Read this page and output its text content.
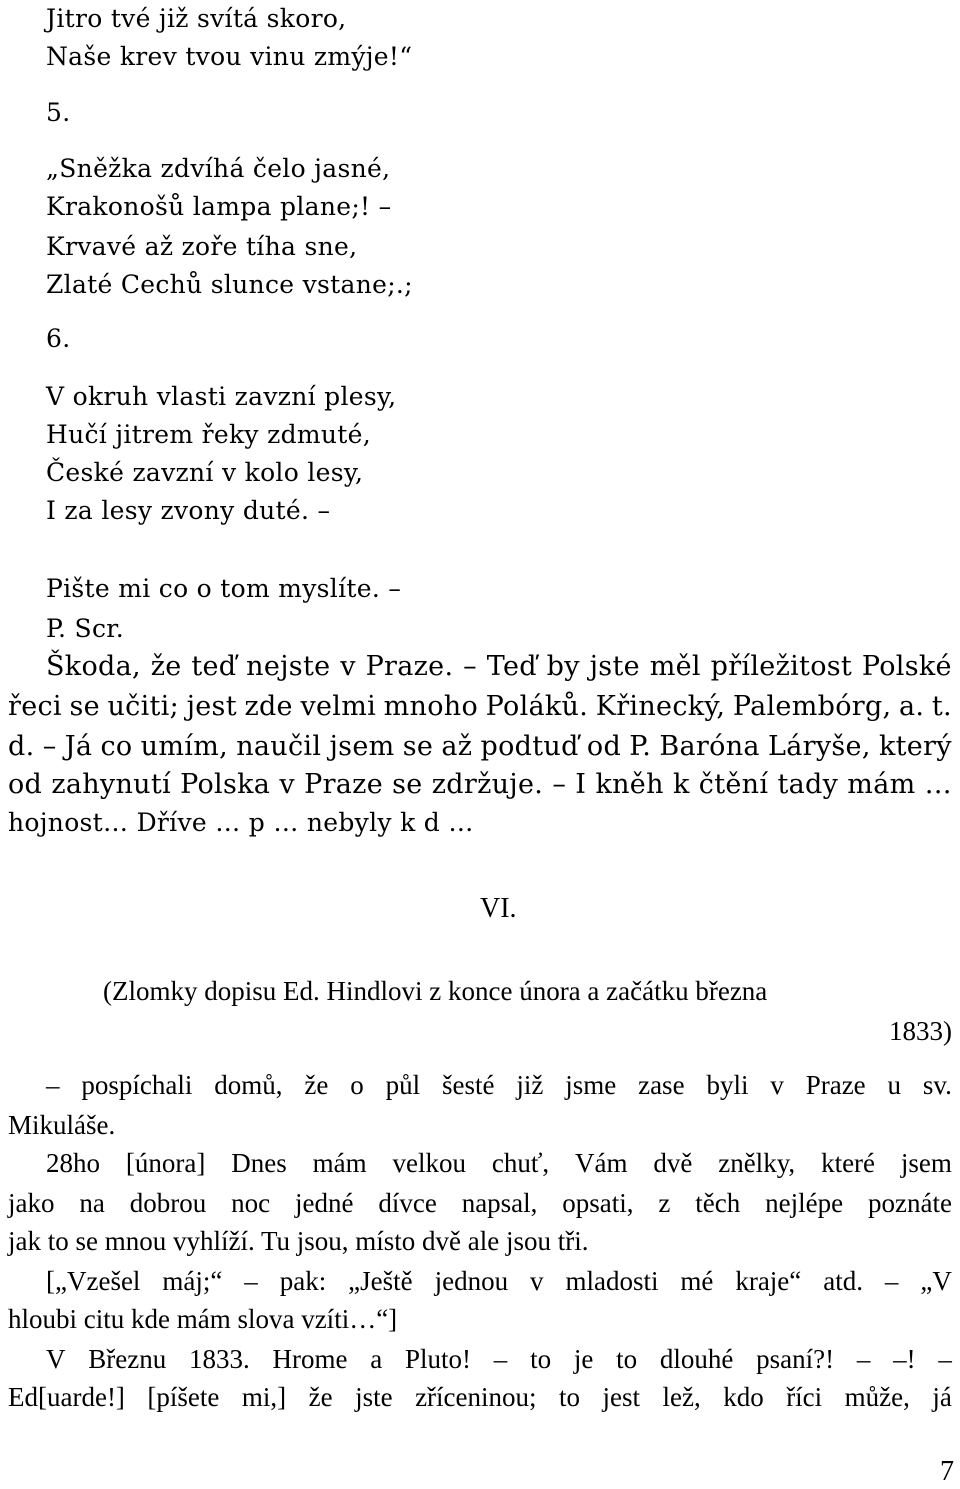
Jitro tvé již svítá skoro,
Naše krev tvou vinu zmýje!“
5.
„Sněžka zdvíhá čelo jasné,
Krakonošů lampa plane;! –
Krvavé až zoře tíha sne,
Zlaté Cechů slunce vstane;.;
6.
V okruh vlasti zavzní plesy,
Hučí jitrem řeky zdmuté,
České zavzní v kolo lesy,
I za lesy zvony duté. –
Pište mi co o tom myslíte. –
P. Scr.
Škoda, že teď nejste v Praze. – Teď by jste měl příležitost Polské
řeci se učiti; jest zde velmi mnoho Poláků. Křinecký, Palembórg, a. t.
d. – Já co umím, naučil jsem se až podtuď od P. Baróna Láryše, který
od zahynutí Polska v Praze se zdržuje. – I kněh k čtění tady mám …
hojnost… Dříve … p … nebyly k d …
VI.
(Zlomky dopisu Ed. Hindlovi z konce února a začátku března
1833)
– pospíchali domů, že o půl šesté již jsme zase byli v Praze u sv.
Mikuláše.
28ho [února] Dnes mám velkou chuť, Vám dvě znělky, které jsem
jako na dobrou noc jedné dívce napsal, opsati, z těch nejlépe poznáte
jak to se mnou vyhlíží. Tu jsou, místo dvě ale jsou tři.
[„Vzešel máj;“ – pak: „Ještě jednou v mladosti mé kraje“ atd. – „V
hloubi citu kde mám slova vzíti…“]
V Březnu 1833. Hrome a Pluto! – to je to dlouhé psaní?! – –! –
Ed[uarde!] [píšete mi,] že jste zříceninou; to jest lež, kdo říci může, já
7
